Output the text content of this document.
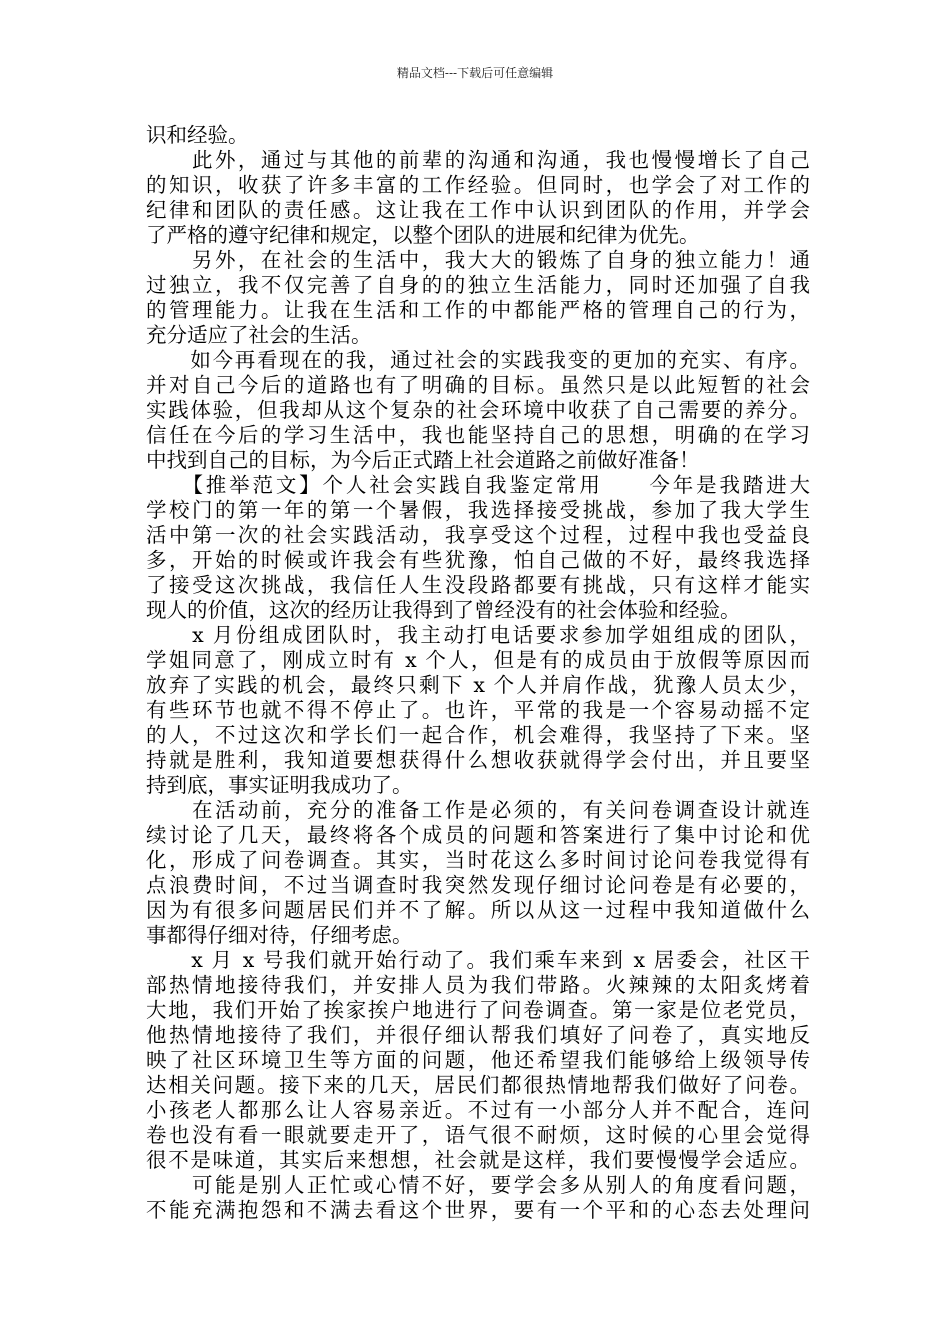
精品文档---下载后可任意编辑
识和经验。
　　此外，通过与其他的前辈的沟通和沟通，我也慢慢增长了自己
的知识，收获了许多丰富的工作经验。但同时，也学会了对工作的
纪律和团队的责任感。这让我在工作中认识到团队的作用，并学会
了严格的遵守纪律和规定，以整个团队的进展和纪律为优先。
　　另外，在社会的生活中，我大大的锻炼了自身的独立能力！通
过独立，我不仅完善了自身的的独立生活能力，同时还加强了自我
的管理能力。让我在生活和工作的中都能严格的管理自己的行为，
充分适应了社会的生活。
　　如今再看现在的我，通过社会的实践我变的更加的充实、有序。
并对自己今后的道路也有了明确的目标。虽然只是以此短暂的社会
实践体验，但我却从这个复杂的社会环境中收获了自己需要的养分。
信任在今后的学习生活中，我也能坚持自己的思想，明确的在学习
中找到自己的目标，为今后正式踏上社会道路之前做好准备！
　　【推举范文】个人社会实践自我鉴定常用　　今年是我踏进大
学校门的第一年的第一个暑假，我选择接受挑战，参加了我大学生
活中第一次的社会实践活动，我享受这个过程，过程中我也受益良
多，开始的时候或许我会有些犹豫，怕自己做的不好，最终我选择
了接受这次挑战，我信任人生没段路都要有挑战，只有这样才能实
现人的价值，这次的经历让我得到了曾经没有的社会体验和经验。
　　x 月份组成团队时，我主动打电话要求参加学姐组成的团队，
学姐同意了，刚成立时有 x 个人，但是有的成员由于放假等原因而
放弃了实践的机会，最终只剩下 x 个人并肩作战，犹豫人员太少，
有些环节也就不得不停止了。也许，平常的我是一个容易动摇不定
的人，不过这次和学长们一起合作，机会难得，我坚持了下来。坚
持就是胜利，我知道要想获得什么想收获就得学会付出，并且要坚
持到底，事实证明我成功了。
　　在活动前，充分的准备工作是必须的，有关问卷调查设计就连
续讨论了几天，最终将各个成员的问题和答案进行了集中讨论和优
化，形成了问卷调查。其实，当时花这么多时间讨论问卷我觉得有
点浪费时间，不过当调查时我突然发现仔细讨论问卷是有必要的，
因为有很多问题居民们并不了解。所以从这一过程中我知道做什么
事都得仔细对待，仔细考虑。
　　x 月 x 号我们就开始行动了。我们乘车来到 x 居委会，社区干
部热情地接待我们，并安排人员为我们带路。火辣辣的太阳炙烤着
大地，我们开始了挨家挨户地进行了问卷调查。第一家是位老党员，
他热情地接待了我们，并很仔细认帮我们填好了问卷了，真实地反
映了社区环境卫生等方面的问题，他还希望我们能够给上级领导传
达相关问题。接下来的几天，居民们都很热情地帮我们做好了问卷。
小孩老人都那么让人容易亲近。不过有一小部分人并不配合，连问
卷也没有看一眼就要走开了，语气很不耐烦，这时候的心里会觉得
很不是味道，其实后来想想，社会就是这样，我们要慢慢学会适应。
　　可能是别人正忙或心情不好，要学会多从别人的角度看问题，
不能充满抱怨和不满去看这个世界，要有一个平和的心态去处理问
